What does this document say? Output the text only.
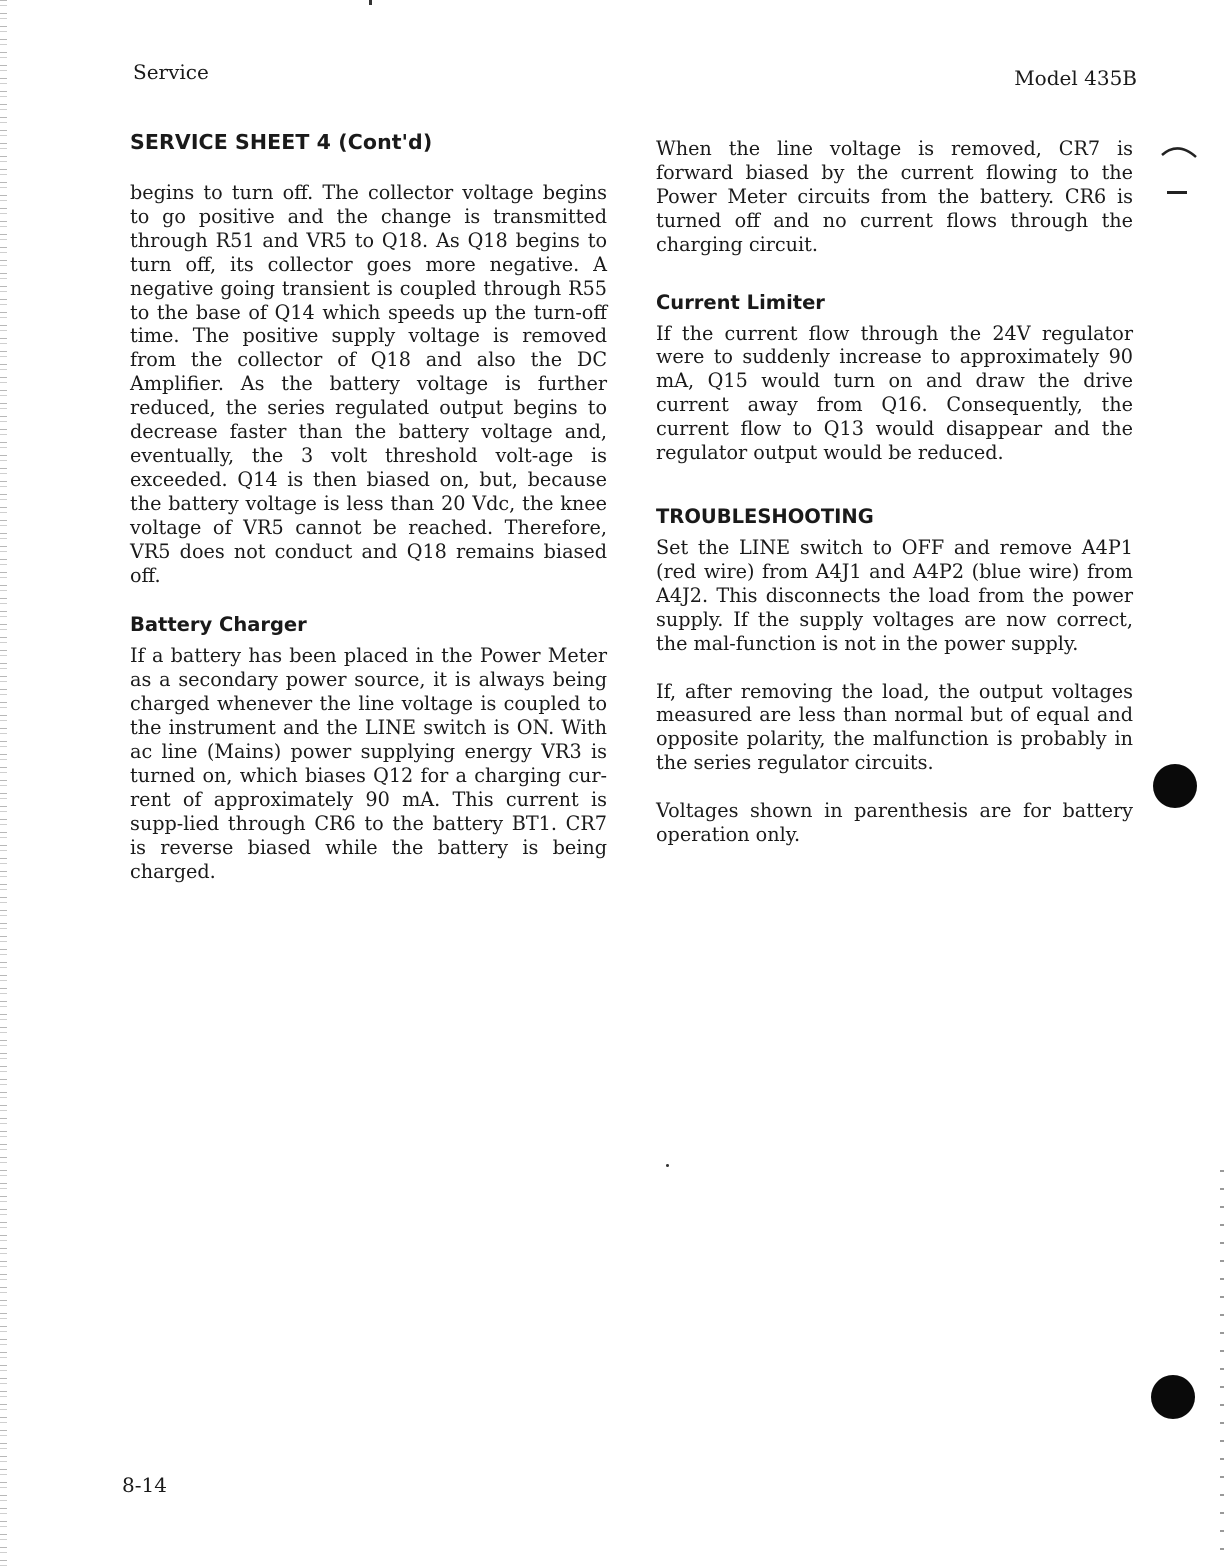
Service	Model 435B
SERVICE SHEET 4 (Cont'd)

begins to turn off. The collector voltage begins to go positive and the change is transmitted through R51 and VR5 to Q18. As Q18 begins to turn off, its collector goes more negative. A negative going transient is coupled through R55 to the base of Q14 which speeds up the turn-off time. The positive supply voltage is removed from the collector of Q18 and also the DC Amplifier. As the battery voltage is further reduced, the series regulated output begins to decrease faster than the battery voltage and, eventually, the 3 volt threshold volt-age is exceeded. Q14 is then biased on, but, because the battery voltage is less than 20 Vdc, the knee voltage of VR5 cannot be reached. Therefore, VR5 does not conduct and Q18 remains biased off.

Battery Charger

If a battery has been placed in the Power Meter as a secondary power source, it is always being charged whenever the line voltage is coupled to the instrument and the LINE switch is ON. With ac line (Mains) power supplying energy VR3 is turned on, which biases Q12 for a charging cur-rent of approximately 90 mA. This current is supp-lied through CR6 to the battery BT1. CR7 is reverse biased while the battery is being charged.

When the line voltage is removed, CR7 is forward biased by the current flowing to the Power Meter circuits from the battery. CR6 is turned off and no current flows through the charging circuit.

Current Limiter

If the current flow through the 24V regulator were to suddenly increase to approximately 90 mA, Q15 would turn on and draw the drive current away from Q16. Consequently, the current flow to Q13 would disappear and the regulator output would be reduced.

TROUBLESHOOTING

Set the LINE switch to OFF and remove A4P1 (red wire) from A4J1 and A4P2 (blue wire) from A4J2. This disconnects the load from the power supply. If the supply voltages are now correct, the mal-function is not in the power supply.

If, after removing the load, the output voltages measured are less than normal but of equal and opposite polarity, the malfunction is probably in the series regulator circuits.

Voltages shown in parenthesis are for battery operation only.

8-14
